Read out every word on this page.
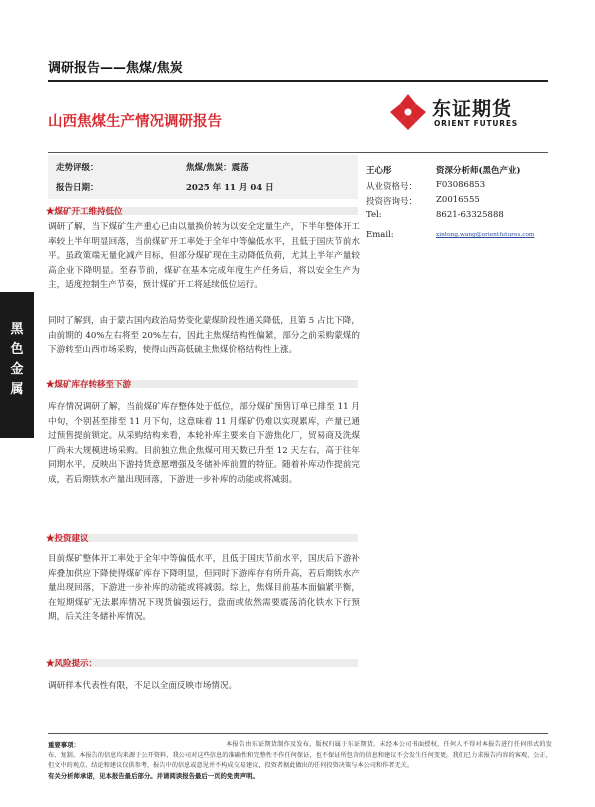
调研报告——焦煤/焦炭
山西焦煤生产情况调研报告
东证期货
ORIENT FUTURES
走势评级：	焦煤/焦炭：震荡
报告日期：	2025 年 11 月 04 日
王心彤	资深分析师(黑色产业)
从业资格号： F03086853
投资咨询号： Z0016555
Tel:	8621-63325888
Email:	xintong.wang@orientfutures.com
黑
色
金
属
★煤矿开工维持低位
调研了解，当下煤矿生产重心已由以量换价转为以安全定量生产，下半年整体开工率较上半年明显回落，当前煤矿开工率处于全年中等偏低水平，且低于国庆节前水平。虽政策端无量化减产目标，但部分煤矿现在主动降低负荷，尤其上半年产量较高企业下降明显。至春节前，煤矿在基本完成年度生产任务后，将以安全生产为主，适度控制生产节奏，预计煤矿开工将延续低位运行。
同时了解到，由于蒙古国内政治局势变化蒙煤阶段性通关降低，且第 5 占比下降，由前期的 40%左右将至 20%左右，因此主焦煤结构性偏紧，部分之前采购蒙煤的下游转至山西市场采购，使得山西高低硫主焦煤价格结构性上涨。
★煤矿库存转移至下游
库存情况调研了解，当前煤矿库存整体处于低位，部分煤矿预售订单已排至 11 月中旬，个别甚至排至 11 月下旬，这意味着 11 月煤矿仍难以实现累库，产量已通过预售提前锁定。从采购结构来看，本轮补库主要来自下游焦化厂，贸易商及洗煤厂尚未大规模进场采购。目前独立焦企焦煤可用天数已升至 12 天左右，高于往年同期水平，反映出下游持货意愿增强及冬储补库前置的特征。随着补库动作提前完成，若后期铁水产量出现回落，下游进一步补库的动能或将减弱。
★投资建议
目前煤矿整体开工率处于全年中等偏低水平，且低于国庆节前水平，国庆后下游补库叠加供应下降使得煤矿库存下降明显，但同时下游库存有所升高，若后期铁水产量出现回落，下游进一步补库的动能或将减弱。综上，焦煤目前基本面偏紧平衡，在短期煤矿无法累库情况下现货偏强运行，盘面或依然需要震荡消化铁水下行预期，后关注冬储补库情况。
★风险提示：
调研样本代表性有限，不足以全面反映市场情况。
重要事项：	本报告由东证期货制作及发布，版权归属于东证期货。未经本公司书面授权，任何人不得对本报告进行任何形式的发布、复制。本报告的信息均来源于公开资料，我公司对这些信息的准确性和完整性不作任何保证，也不保证所包含的信息和建议不会发生任何变更。我们已力求报告内容的客观、公正，但文中的观点、结论和建议仅供参考，报告中的信息或意见并不构成交易建议，投资者据此做出的任何投资决策与本公司和作者无关。
有关分析师承诺，见本报告最后部分。并请阅读报告最后一页的免责声明。
